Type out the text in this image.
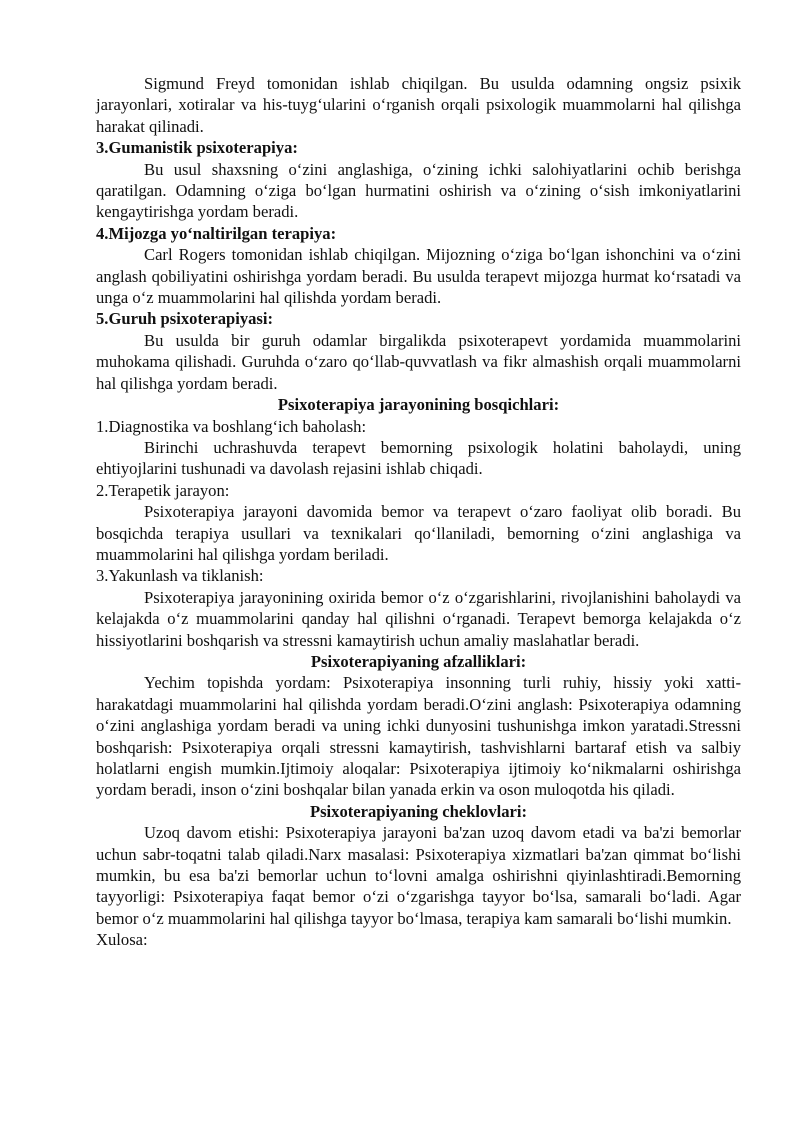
Sigmund Freyd tomonidan ishlab chiqilgan. Bu usulda odamning ongsiz psixik jarayonlari, xotiralar va his-tuyg‘ularini o‘rganish orqali psixologik muammolarni hal qilishga harakat qilinadi.

3.Gumanistik psixoterapiya:

Bu usul shaxsning o‘zini anglashiga, o‘zining ichki salohiyatlarini ochib berishga qaratilgan. Odamning o‘ziga bo‘lgan hurmatini oshirish va o‘zining o‘sish imkoniyatlarini kengaytirishga yordam beradi.

4.Mijozga yo‘naltirilgan terapiya:

Carl Rogers tomonidan ishlab chiqilgan. Mijozning o‘ziga bo‘lgan ishonchini va o‘zini anglash qobiliyatini oshirishga yordam beradi. Bu usulda terapevt mijozga hurmat ko‘rsatadi va unga o‘z muammolarini hal qilishda yordam beradi.

5.Guruh psixoterapiyasi:

Bu usulda bir guruh odamlar birgalikda psixoterapevt yordamida muammolarini muhokama qilishadi. Guruhda o‘zaro qo‘llab-quvvatlash va fikr almashish orqali muammolarni hal qilishga yordam beradi.

Psixoterapiya jarayonining bosqichlari:

1.Diagnostika va boshlang‘ich baholash:

Birinchi uchrashuvda terapevt bemorning psixologik holatini baholaydi, uning ehtiyojlarini tushunadi va davolash rejasini ishlab chiqadi.

2.Terapetik jarayon:

Psixoterapiya jarayoni davomida bemor va terapevt o‘zaro faoliyat olib boradi. Bu bosqichda terapiya usullari va texnikalari qo‘llaniladi, bemorning o‘zini anglashiga va muammolarini hal qilishga yordam beriladi.

3.Yakunlash va tiklanish:

Psixoterapiya jarayonining oxirida bemor o‘z o‘zgarishlarini, rivojlanishini baholaydi va kelajakda o‘z muammolarini qanday hal qilishni o‘rganadi. Terapevt bemorga kelajakda o‘z hissiyotlarini boshqarish va stressni kamaytirish uchun amaliy maslahatlar beradi.

Psixoterapiyaning afzalliklari:

Yechim topishda yordam: Psixoterapiya insonning turli ruhiy, hissiy yoki xatti-harakatdagi muammolarini hal qilishda yordam beradi.O‘zini anglash: Psixoterapiya odamning o‘zini anglashiga yordam beradi va uning ichki dunyosini tushunishga imkon yaratadi.Stressni boshqarish: Psixoterapiya orqali stressni kamaytirish, tashvishlarni bartaraf etish va salbiy holatlarni engish mumkin.Ijtimoiy aloqalar: Psixoterapiya ijtimoiy ko‘nikmalarni oshirishga yordam beradi, inson o‘zini boshqalar bilan yanada erkin va oson muloqotda his qiladi.

Psixoterapiyaning cheklovlari:

Uzoq davom etishi: Psixoterapiya jarayoni ba'zan uzoq davom etadi va ba'zi bemorlar uchun sabr-toqatni talab qiladi.Narx masalasi: Psixoterapiya xizmatlari ba'zan qimmat bo‘lishi mumkin, bu esa ba'zi bemorlar uchun to‘lovni amalga oshirishni qiyinlashtiradi.Bemorning tayyorligi: Psixoterapiya faqat bemor o‘zi o‘zgarishga tayyor bo‘lsa, samarali bo‘ladi. Agar bemor o‘z muammolarini hal qilishga tayyor bo‘lmasa, terapiya kam samarali bo‘lishi mumkin.

Xulosa:
